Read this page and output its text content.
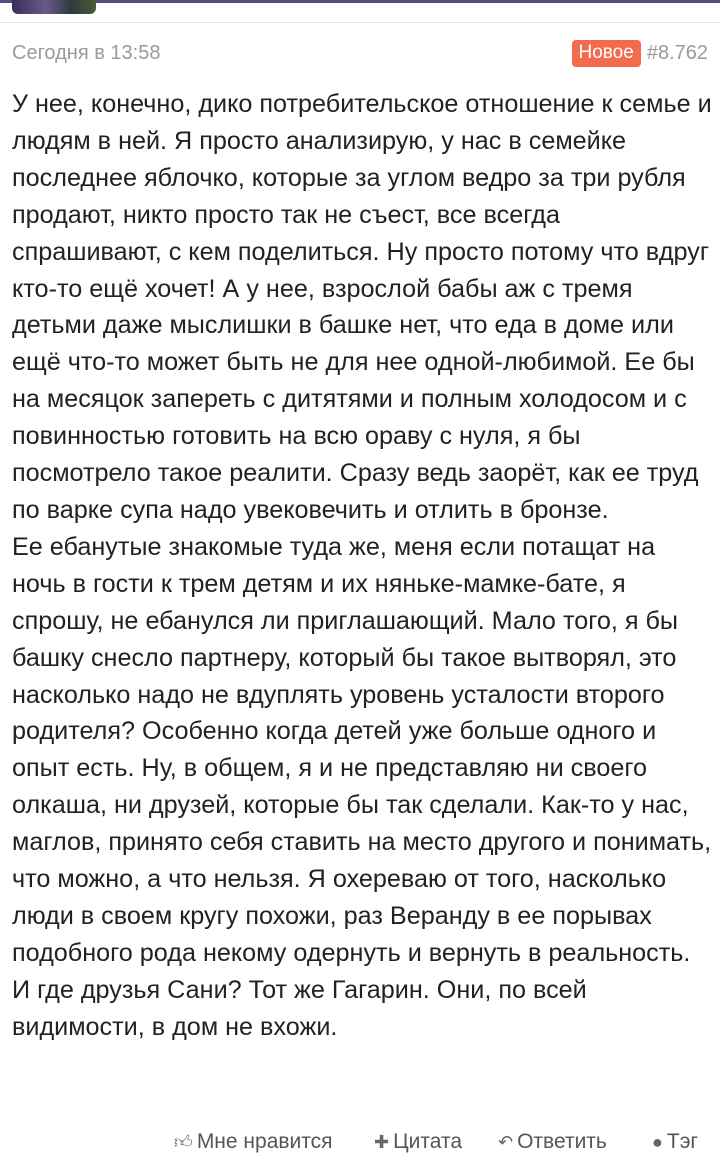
Сегодня в 13:58	Новое #8.762

У нее, конечно, дико потребительское отношение к семье и людям в ней. Я просто анализирую, у нас в семейке последнее яблочко, которые за углом ведро за три рубля продают, никто просто так не съест, все всегда спрашивают, с кем поделиться. Ну просто потому что вдруг кто-то ещё хочет! А у нее, взрослой бабы аж с тремя детьми даже мыслишки в башке нет, что еда в доме или ещё что-то может быть не для нее одной-любимой. Ее бы на месяцок запереть с дитятями и полным холодосом и с повинностью готовить на всю ораву с нуля, я бы посмотрело такое реалити. Сразу ведь заорёт, как ее труд по варке супа надо увековечить и отлить в бронзе.

Ее ебанутые знакомые туда же, меня если потащат на ночь в гости к трем детям и их няньке-мамке-бате, я спрошу, не ебанулся ли приглашающий. Мало того, я бы башку снесло партнеру, который бы такое вытворял, это насколько надо не вдуплять уровень усталости второго родителя? Особенно когда детей уже больше одного и опыт есть. Ну, в общем, я и не представляю ни своего олкаша, ни друзей, которые бы так сделали. Как-то у нас, маглов, принято себя ставить на место другого и понимать, что можно, а что нельзя. Я охереваю от того, насколько люди в своем кругу похожи, раз Веранду в ее порывах подобного рода некому одернуть и вернуть в реальность.

И где друзья Сани? Тот же Гагарин. Они, по всей видимости, в дом не вхожи.

👍︎ Мне нравится ✚ Цитата ↶ Ответить	● Тэг
